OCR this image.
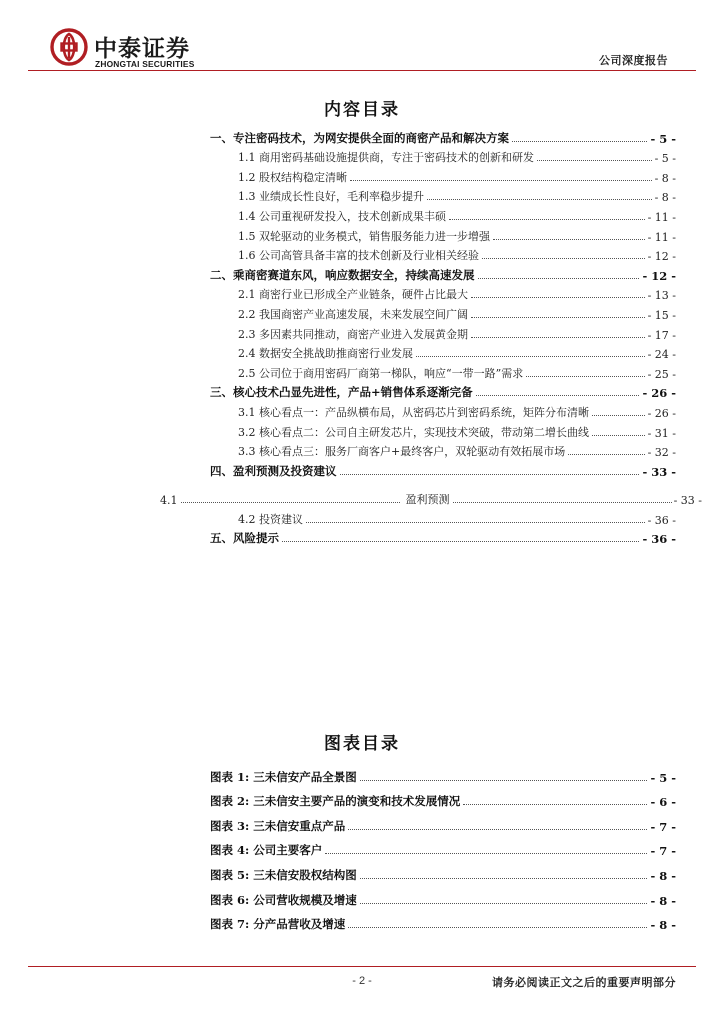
中泰证券
ZHONGTAI SECURITIES	公司深度报告
内容目录
一、专注密码技术，为网安提供全面的商密产品和解决方案	- 5 -
1.1 商用密码基础设施提供商，专注于密码技术的创新和研发	- 5 -
1.2 股权结构稳定清晰	- 8 -
1.3 业绩成长性良好，毛利率稳步提升	- 8 -
1.4 公司重视研发投入，技术创新成果丰硕	- 11 -
1.5 双轮驱动的业务模式，销售服务能力进一步增强	- 11 -
1.6 公司高管具备丰富的技术创新及行业相关经验	- 12 -
二、乘商密赛道东风，响应数据安全，持续高速发展	- 12 -
2.1 商密行业已形成全产业链条，硬件占比最大	- 13 -
2.2 我国商密产业高速发展，未来发展空间广阔	- 15 -
2.3 多因素共同推动，商密产业进入发展黄金期	- 17 -
2.4 数据安全挑战助推商密行业发展	- 24 -
2.5 公司位于商用密码厂商第一梯队，响应“一带一路”需求	- 25 -
三、核心技术凸显先进性，产品+销售体系逐渐完备	- 26 -
3.1 核心看点一：产品纵横布局，从密码芯片到密码系统，矩阵分布清晰	- 26 -
3.2 核心看点二：公司自主研发芯片，实现技术突破，带动第二增长曲线	- 31 -
3.3 核心看点三：服务厂商客户+最终客户，双轮驱动有效拓展市场	- 32 -
四、盈利预测及投资建议	- 33 -
4.1	盈利预测	- 33 -
4.2 投资建议	- 36 -
五、风险提示	- 36 -
图表目录
图表 1: 三未信安产品全景图	- 5 -
图表 2: 三未信安主要产品的演变和技术发展情况	- 6 -
图表 3: 三未信安重点产品	- 7 -
图表 4: 公司主要客户	- 7 -
图表 5: 三未信安股权结构图	- 8 -
图表 6: 公司营收规模及增速	- 8 -
图表 7: 分产品营收及增速	- 8 -
- 2 -	请务必阅读正文之后的重要声明部分
